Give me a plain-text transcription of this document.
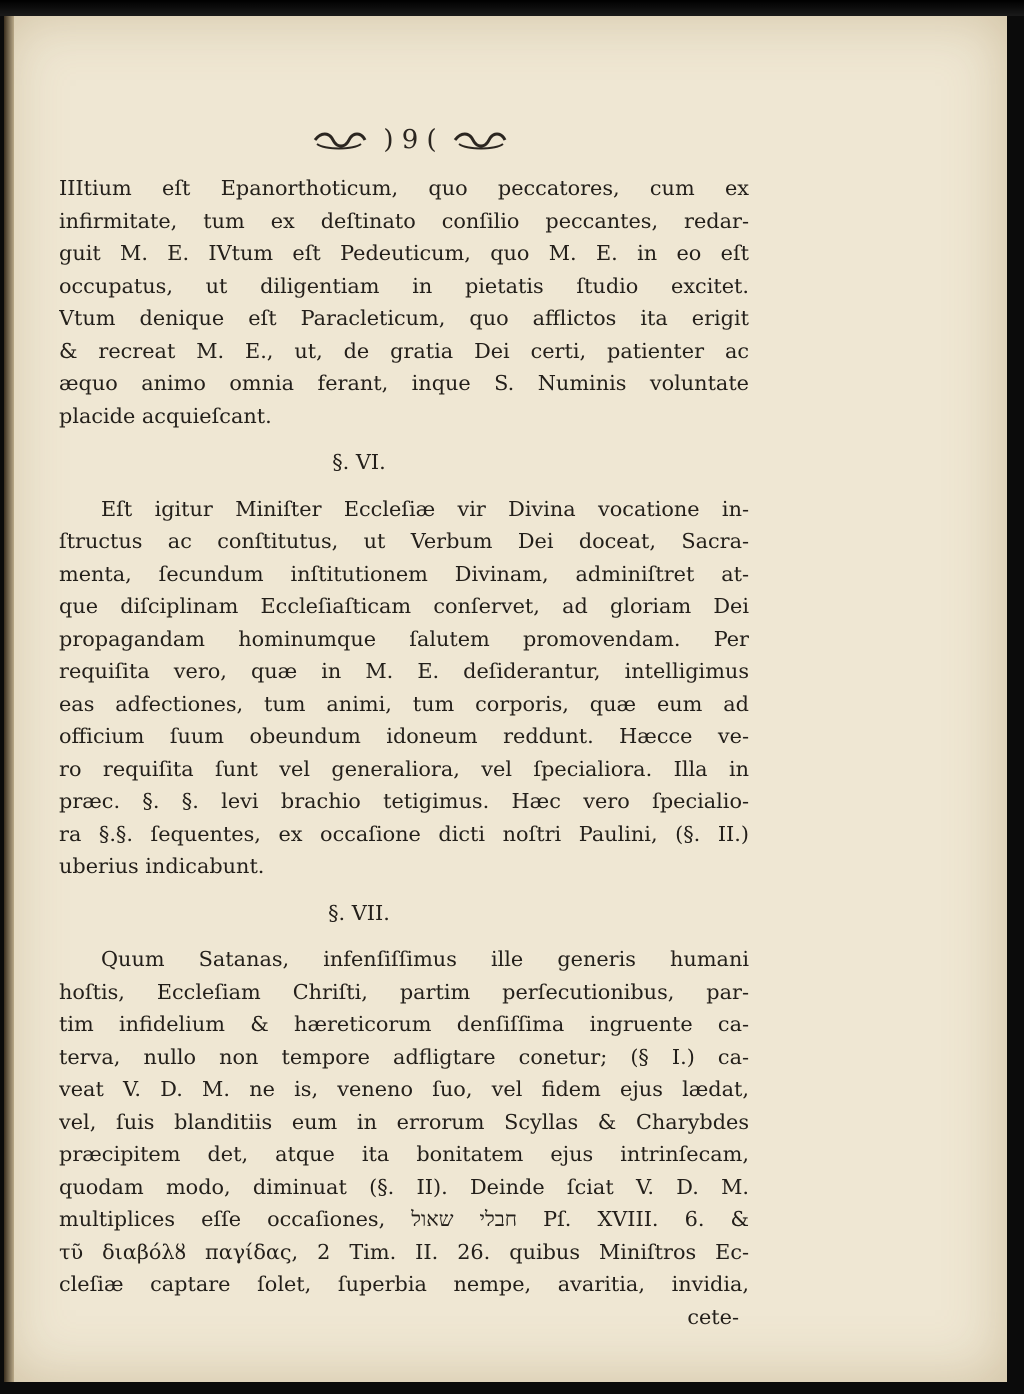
) 9 (
IIItium eſt Epanorthoticum, quo peccatores, cum ex
infirmitate, tum ex deſtinato conſilio peccantes, redar-
guit M. E. IVtum eſt Pedeuticum, quo M. E. in eo eſt
occupatus, ut diligentiam in pietatis ſtudio excitet.
Vtum denique eſt Paracleticum, quo afflictos ita erigit
& recreat M. E., ut, de gratia Dei certi, patienter ac
æquo animo omnia ferant, inque S. Numinis voluntate
placide acquieſcant.
§. VI.
Eſt igitur Miniſter Eccleſiæ vir Divina vocatione in-
ſtructus ac conſtitutus, ut Verbum Dei doceat, Sacra-
menta, ſecundum inſtitutionem Divinam, adminiſtret at-
que diſciplinam Eccleſiaſticam conſervet, ad gloriam Dei
propagandam hominumque ſalutem promovendam. Per
requiſita vero, quæ in M. E. deſiderantur, intelligimus
eas adfectiones, tum animi, tum corporis, quæ eum ad
officium ſuum obeundum idoneum reddunt. Hæcce ve-
ro requiſita ſunt vel generaliora, vel ſpecialiora. Illa in
præc. §. §. levi brachio tetigimus. Hæc vero ſpecialio-
ra §.§. ſequentes, ex occaſione dicti noſtri Paulini, (§. II.)
uberius indicabunt.
§. VII.
Quum Satanas, infenſiſſimus ille generis humani
hoſtis, Eccleſiam Chriſti, partim perſecutionibus, par-
tim infidelium & hæreticorum denſiſſima ingruente ca-
terva, nullo non tempore adfligtare conetur; (§ I.) ca-
veat V. D. M. ne is, veneno ſuo, vel fidem ejus lædat,
vel, ſuis blanditiis eum in errorum Scyllas & Charybdes
præcipitem det, atque ita bonitatem ejus intrinſecam,
quodam modo, diminuat (§. II). Deinde ſciat V. D. M.
multiplices eſſe occaſiones, חבלי שאול Pſ. XVIII. 6. &
τῦ διαβόλȣ παγίδας, 2 Tim. II. 26. quibus Miniſtros Ec-
cleſiæ captare ſolet, ſuperbia nempe, avaritia, invidia,
cete-
